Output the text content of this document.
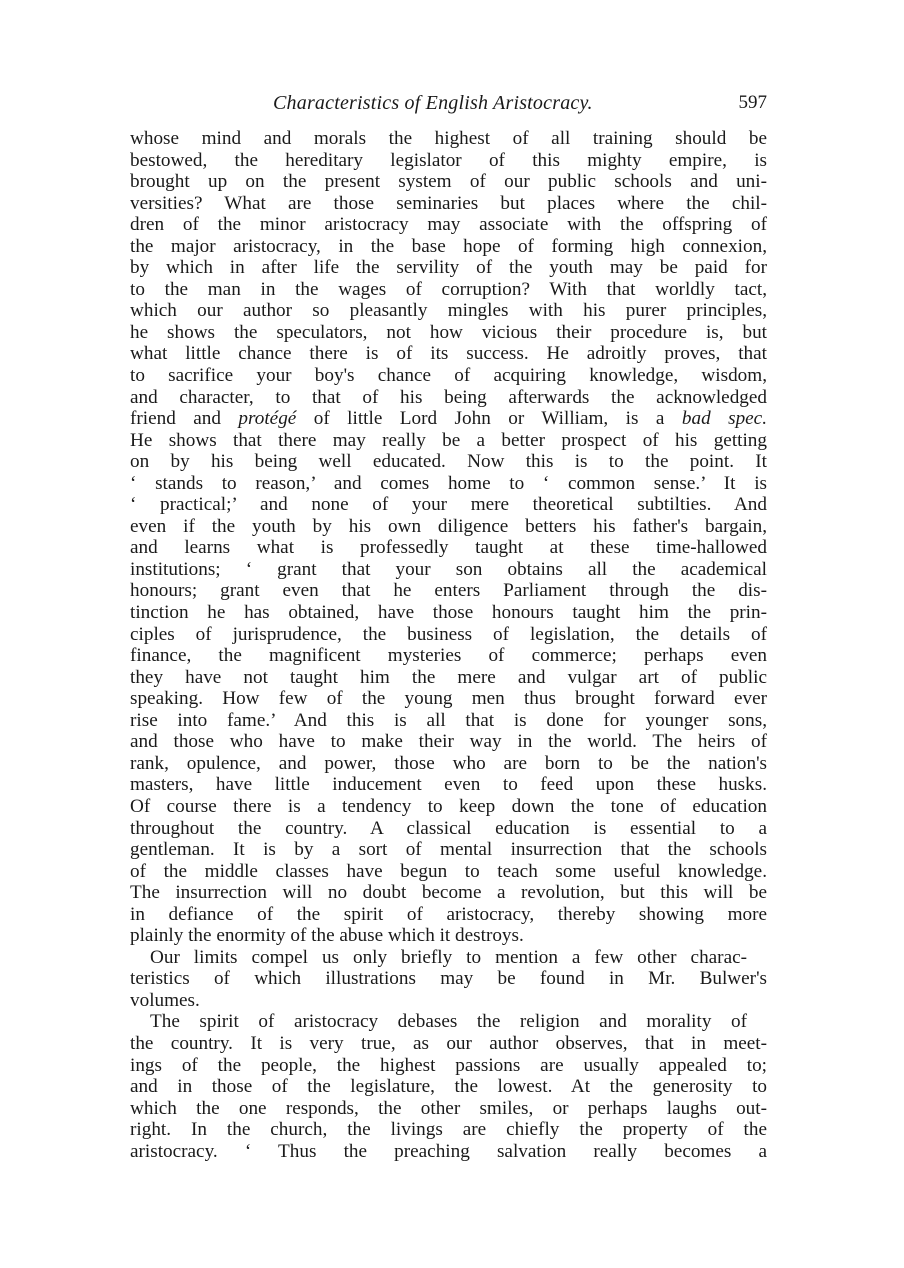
Characteristics of English Aristocracy.	597
whose mind and morals the highest of all training should be
bestowed, the hereditary legislator of this mighty empire, is
brought up on the present system of our public schools and uni-
versities? What are those seminaries but places where the chil-
dren of the minor aristocracy may associate with the offspring of
the major aristocracy, in the base hope of forming high connexion,
by which in after life the servility of the youth may be paid for
to the man in the wages of corruption? With that worldly tact,
which our author so pleasantly mingles with his purer principles,
he shows the speculators, not how vicious their procedure is, but
what little chance there is of its success. He adroitly proves, that
to sacrifice your boy's chance of acquiring knowledge, wisdom,
and character, to that of his being afterwards the acknowledged
friend and protégé of little Lord John or William, is a bad spec.
He shows that there may really be a better prospect of his getting
on by his being well educated. Now this is to the point. It
‘ stands to reason,’ and comes home to ‘ common sense.’ It is
‘ practical;’ and none of your mere theoretical subtilties. And
even if the youth by his own diligence betters his father's bargain,
and learns what is professedly taught at these time-hallowed
institutions; ‘ grant that your son obtains all the academical
honours; grant even that he enters Parliament through the dis-
tinction he has obtained, have those honours taught him the prin-
ciples of jurisprudence, the business of legislation, the details of
finance, the magnificent mysteries of commerce; perhaps even
they have not taught him the mere and vulgar art of public
speaking. How few of the young men thus brought forward ever
rise into fame.’ And this is all that is done for younger sons,
and those who have to make their way in the world. The heirs of
rank, opulence, and power, those who are born to be the nation's
masters, have little inducement even to feed upon these husks.
Of course there is a tendency to keep down the tone of education
throughout the country. A classical education is essential to a
gentleman. It is by a sort of mental insurrection that the schools
of the middle classes have begun to teach some useful knowledge.
The insurrection will no doubt become a revolution, but this will be
in defiance of the spirit of aristocracy, thereby showing more
plainly the enormity of the abuse which it destroys.
Our limits compel us only briefly to mention a few other charac-
teristics of which illustrations may be found in Mr. Bulwer's
volumes.
The spirit of aristocracy debases the religion and morality of
the country. It is very true, as our author observes, that in meet-
ings of the people, the highest passions are usually appealed to;
and in those of the legislature, the lowest. At the generosity to
which the one responds, the other smiles, or perhaps laughs out-
right. In the church, the livings are chiefly the property of the
aristocracy. ‘ Thus the preaching salvation really becomes a
